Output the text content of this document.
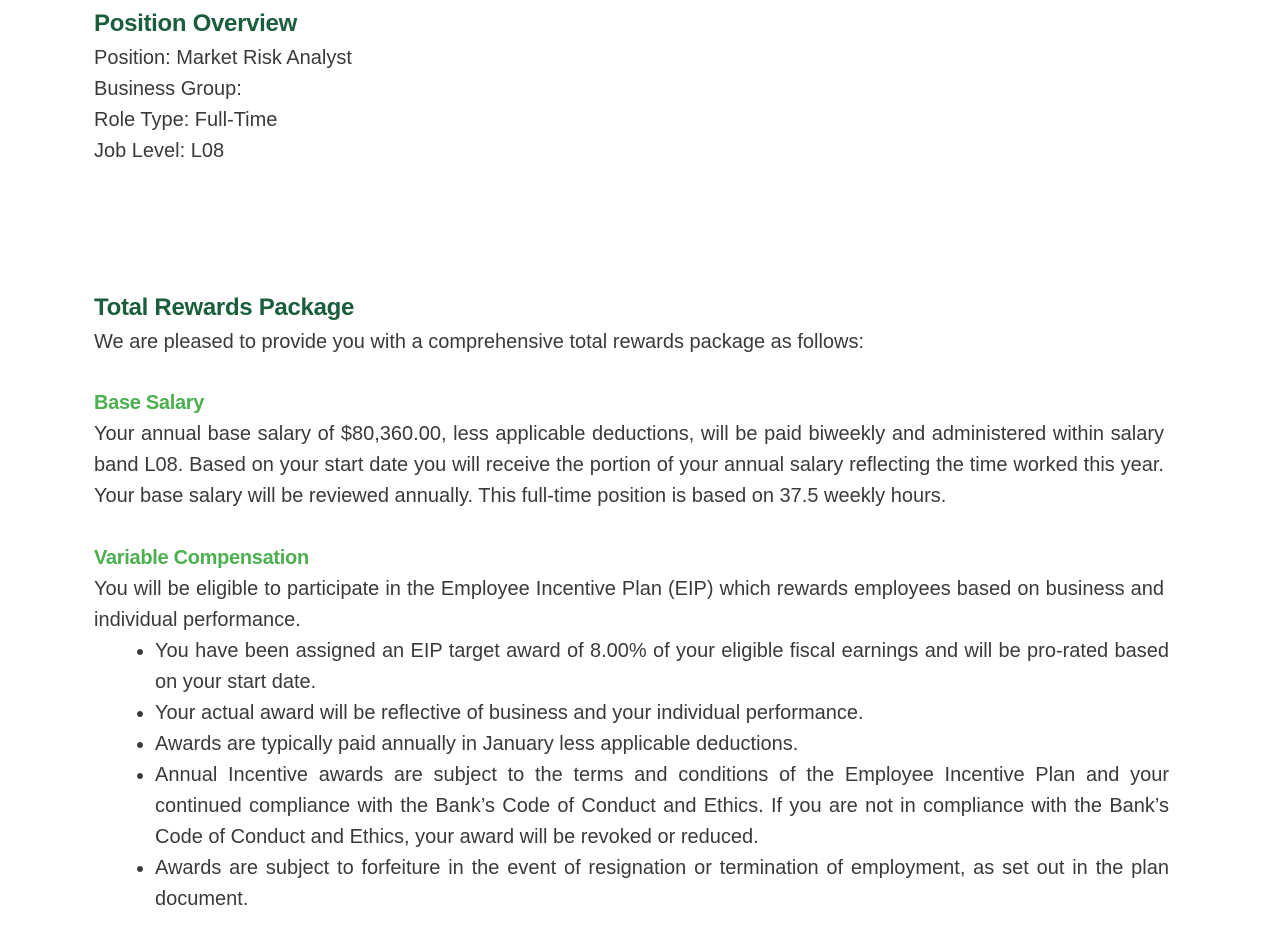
Position Overview
Position: Market Risk Analyst
Business Group:
Role Type: Full-Time
Job Level: L08
Total Rewards Package

We are pleased to provide you with a comprehensive total rewards package as follows:

Base Salary

Your annual base salary of $80,360.00, less applicable deductions, will be paid biweekly and administered within salary band L08. Based on your start date you will receive the portion of your annual salary reflecting the time worked this year. Your base salary will be reviewed annually. This full-time position is based on 37.5 weekly hours.

Variable Compensation

You will be eligible to participate in the Employee Incentive Plan (EIP) which rewards employees based on business and individual performance.

• You have been assigned an EIP target award of 8.00% of your eligible fiscal earnings and will be pro-rated based on your start date.
• Your actual award will be reflective of business and your individual performance.
• Awards are typically paid annually in January less applicable deductions.
• Annual Incentive awards are subject to the terms and conditions of the Employee Incentive Plan and your continued compliance with the Bank’s Code of Conduct and Ethics. If you are not in compliance with the Bank’s Code of Conduct and Ethics, your award will be revoked or reduced.
• Awards are subject to forfeiture in the event of resignation or termination of employment, as set out in the plan document.
